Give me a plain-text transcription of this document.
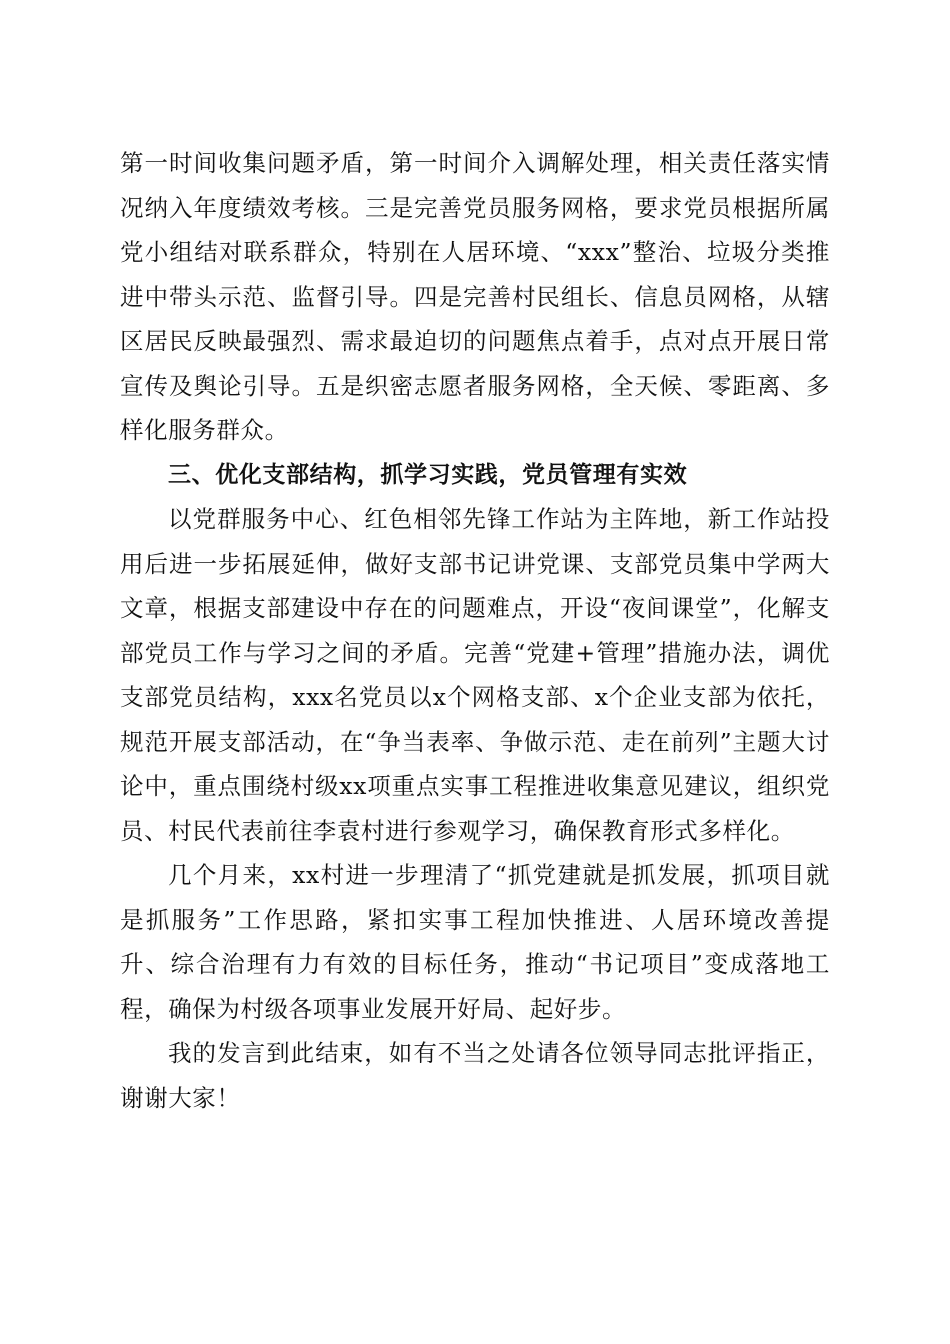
第一时间收集问题矛盾，第一时间介入调解处理，相关责任落实情况纳入年度绩效考核。三是完善党员服务网格，要求党员根据所属党小组结对联系群众，特别在人居环境、“xxx”整治、垃圾分类推进中带头示范、监督引导。四是完善村民组长、信息员网格，从辖区居民反映最强烈、需求最迫切的问题焦点着手，点对点开展日常宣传及舆论引导。五是织密志愿者服务网格，全天候、零距离、多样化服务群众。

三、优化支部结构，抓学习实践，党员管理有实效

以党群服务中心、红色相邻先锋工作站为主阵地，新工作站投用后进一步拓展延伸，做好支部书记讲党课、支部党员集中学两大文章，根据支部建设中存在的问题难点，开设“夜间课堂”，化解支部党员工作与学习之间的矛盾。完善“党建+管理”措施办法，调优支部党员结构，xxx名党员以x个网格支部、x个企业支部为依托，规范开展支部活动，在“争当表率、争做示范、走在前列”主题大讨论中，重点围绕村级xx项重点实事工程推进收集意见建议，组织党员、村民代表前往李袁村进行参观学习，确保教育形式多样化。

几个月来，xx村进一步理清了“抓党建就是抓发展，抓项目就是抓服务”工作思路，紧扣实事工程加快推进、人居环境改善提升、综合治理有力有效的目标任务，推动“书记项目”变成落地工程，确保为村级各项事业发展开好局、起好步。

我的发言到此结束，如有不当之处请各位领导同志批评指正，谢谢大家！
